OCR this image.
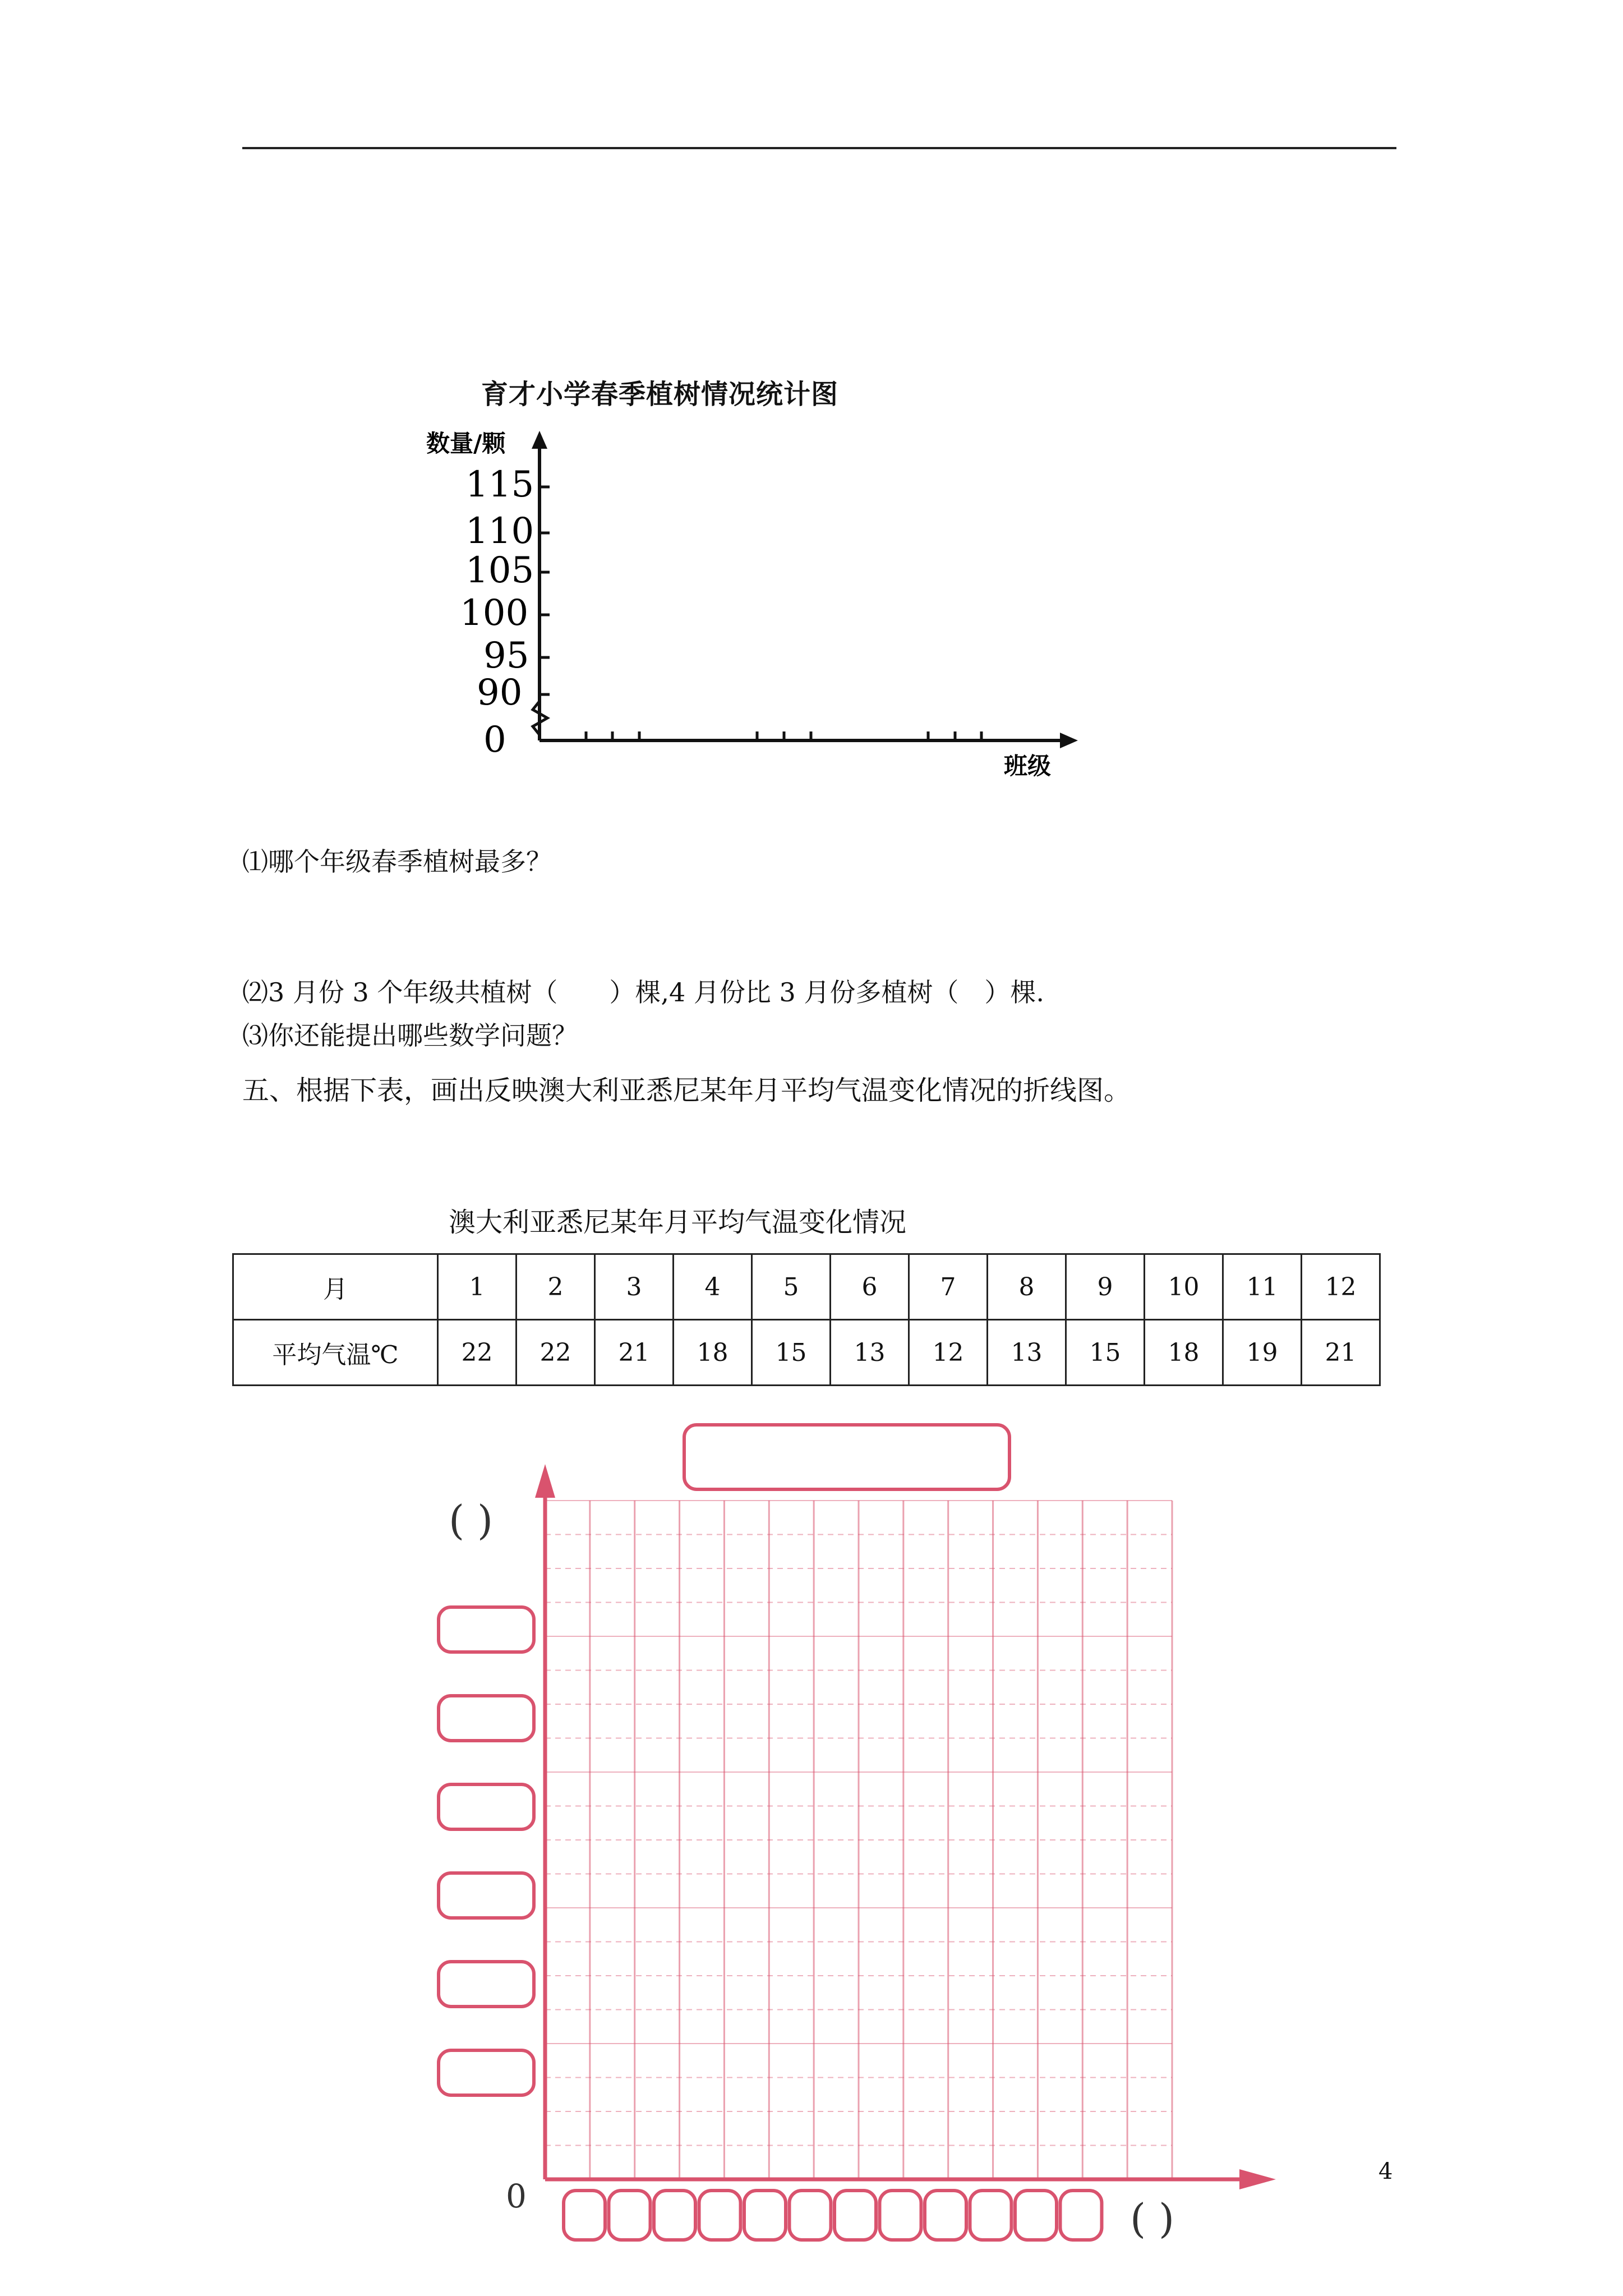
育才小学春季植树情况统计图
数量/颗
115
110
105
100
95
90
0
班级
⑴哪个年级春季植树最多？
⑵3 月份 3 个年级共植树（　　）棵,4 月份比 3 月份多植树（　）棵.
⑶你还能提出哪些数学问题？
五、根据下表，画出反映澳大利亚悉尼某年月平均气温变化情况的折线图。
澳大利亚悉尼某年月平均气温变化情况
月	1	2	3	4	5	6	7	8	9	10	11	12
平均气温℃	22	22	21	18	15	13	12	13	15	18	19	21
( )
( )
0
4
